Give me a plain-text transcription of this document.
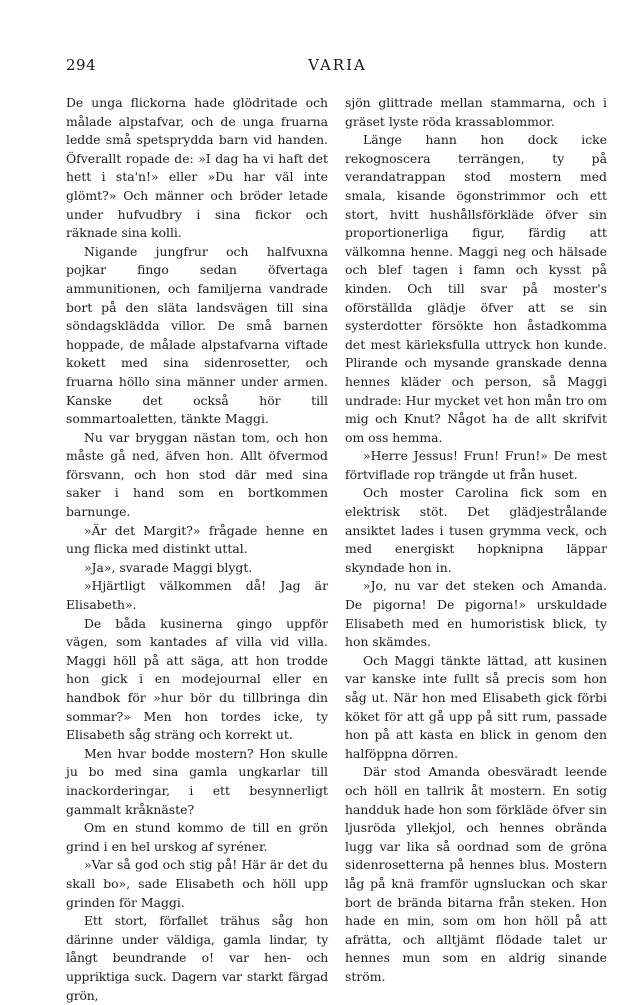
294	VARIA

De unga flickorna hade glödritade och målade alpstafvar, och de unga fruarna ledde små spetsprydda barn vid handen. Öfverallt ropade de: »I dag ha vi haft det hett i sta'n!» eller »Du har väl inte glömt?» Och männer och bröder letade under hufvudbry i sina fickor och räknade sina kolli.

Nigande jungfrur och halfvuxna pojkar fingo sedan öfvertaga ammunitionen, och familjerna vandrade bort på den släta landsvägen till sina söndagsklädda villor. De små barnen hoppade, de målade alpstafvarna viftade kokett med sina sidenrosetter, och fruarna höllo sina männer under armen. Kanske det också hör till sommartoaletten, tänkte Maggi.

Nu var bryggan nästan tom, och hon måste gå ned, äfven hon. Allt öfvermod försvann, och hon stod där med sina saker i hand som en bortkommen barnunge.

»Är det Margit?» frågade henne en ung flicka med distinkt uttal.

»Ja», svarade Maggi blygt.

»Hjärtligt välkommen då! Jag är Elisabeth».

De båda kusinerna gingo uppför vägen, som kantades af villa vid villa. Maggi höll på att säga, att hon trodde hon gick i en modejournal eller en handbok för »hur bör du tillbringa din sommar?» Men hon tordes icke, ty Elisabeth såg sträng och korrekt ut.

Men hvar bodde mostern? Hon skulle ju bo med sina gamla ungkarlar till inackorderingar, i ett besynnerligt gammalt kråknäste?

Om en stund kommo de till en grön grind i en hel urskog af syréner.

»Var så god och stig på! Här är det du skall bo», sade Elisabeth och höll upp grinden för Maggi.

Ett stort, förfallet trähus såg hon därinne under väldiga, gamla lindar, ty långt beundrande o! var hen- och uppriktiga suck. Dagern var starkt färgad grön,

sjön glittrade mellan stammarna, och i gräset lyste röda krassablommor.

Länge hann hon dock icke rekognoscera terrängen, ty på verandatrappan stod mostern med smala, kisande ögonstrimmor och ett stort, hvitt hushållsförkläde öfver sin proportionerliga figur, färdig att välkomna henne. Maggi neg och hälsade och blef tagen i famn och kysst på kinden. Och till svar på moster's oförställda glädje öfver att se sin systerdotter försökte hon åstadkomma det mest kärleksfulla uttryck hon kunde. Plirande och mysande granskade denna hennes kläder och person, så Maggi undrade: Hur mycket vet hon mån tro om mig och Knut? Något ha de allt skrifvit om oss hemma.

»Herre Jessus! Frun! Frun!» De mest förtviflade rop trängde ut från huset.

Och moster Carolina fick som en elektrisk stöt. Det glädjestrålande ansiktet lades i tusen grymma veck, och med energiskt hopknipna läppar skyndade hon in.

»Jo, nu var det steken och Amanda. De pigorna! De pigorna!» urskuldade Elisabeth med en humoristisk blick, ty hon skämdes.

Och Maggi tänkte lättad, att kusinen var kanske inte fullt så precis som hon såg ut. När hon med Elisabeth gick förbi köket för att gå upp på sitt rum, passade hon på att kasta en blick in genom den halföppna dörren.

Där stod Amanda obesväradt leende och höll en tallrik åt mostern. En sotig handduk hade hon som förkläde öfver sin ljusröda yllekjol, och hennes obrända lugg var lika så oordnad som de gröna sidenrosetterna på hennes blus. Mostern låg på knä framför ugnsluckan och skar bort de brända bitarna från steken. Hon hade en min, som om hon höll på att afrätta, och alltjämt flödade talet ur hennes mun som en aldrig sinande ström.
